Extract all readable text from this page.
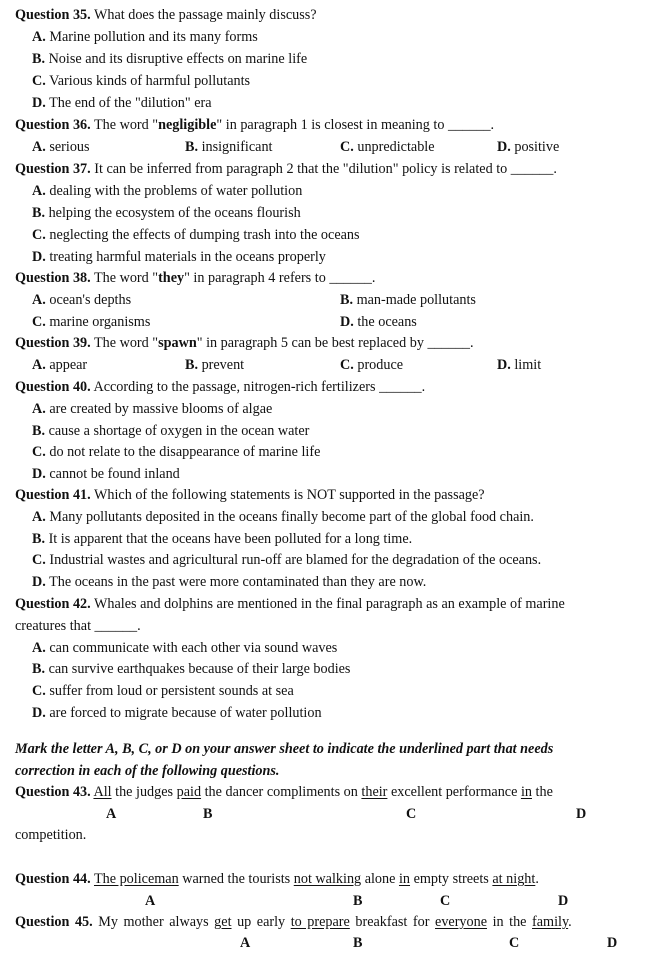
Question 35. What does the passage mainly discuss?
A. Marine pollution and its many forms
B. Noise and its disruptive effects on marine life
C. Various kinds of harmful pollutants
D. The end of the "dilution" era
Question 36. The word "negligible" in paragraph 1 is closest in meaning to ______.
A. serious	B. insignificant	C. unpredictable	D. positive
Question 37. It can be inferred from paragraph 2 that the "dilution" policy is related to ______.
A. dealing with the problems of water pollution
B. helping the ecosystem of the oceans flourish
C. neglecting the effects of dumping trash into the oceans
D. treating harmful materials in the oceans properly
Question 38. The word "they" in paragraph 4 refers to ______.
A. ocean's depths	B. man-made pollutants
C. marine organisms	D. the oceans
Question 39. The word "spawn" in paragraph 5 can be best replaced by ______.
A. appear	B. prevent	C. produce	D. limit
Question 40. According to the passage, nitrogen-rich fertilizers ______.
A. are created by massive blooms of algae
B. cause a shortage of oxygen in the ocean water
C. do not relate to the disappearance of marine life
D. cannot be found inland
Question 41. Which of the following statements is NOT supported in the passage?
A. Many pollutants deposited in the oceans finally become part of the global food chain.
B. It is apparent that the oceans have been polluted for a long time.
C. Industrial wastes and agricultural run-off are blamed for the degradation of the oceans.
D. The oceans in the past were more contaminated than they are now.
Question 42. Whales and dolphins are mentioned in the final paragraph as an example of marine
creatures that ______.
A. can communicate with each other via sound waves
B. can survive earthquakes because of their large bodies
C. suffer from loud or persistent sounds at sea
D. are forced to migrate because of water pollution
Mark the letter A, B, C, or D on your answer sheet to indicate the underlined part that needs
correction in each of the following questions.
Question 43. All the judges paid the dancer compliments on their excellent performance in the
A	B	C	D
competition.
Question 44. The policeman warned the tourists not walking alone in empty streets at night.
A	B	C	D
Question 45. My mother always get up early to prepare breakfast for everyone in the family.
A	B	C	D
